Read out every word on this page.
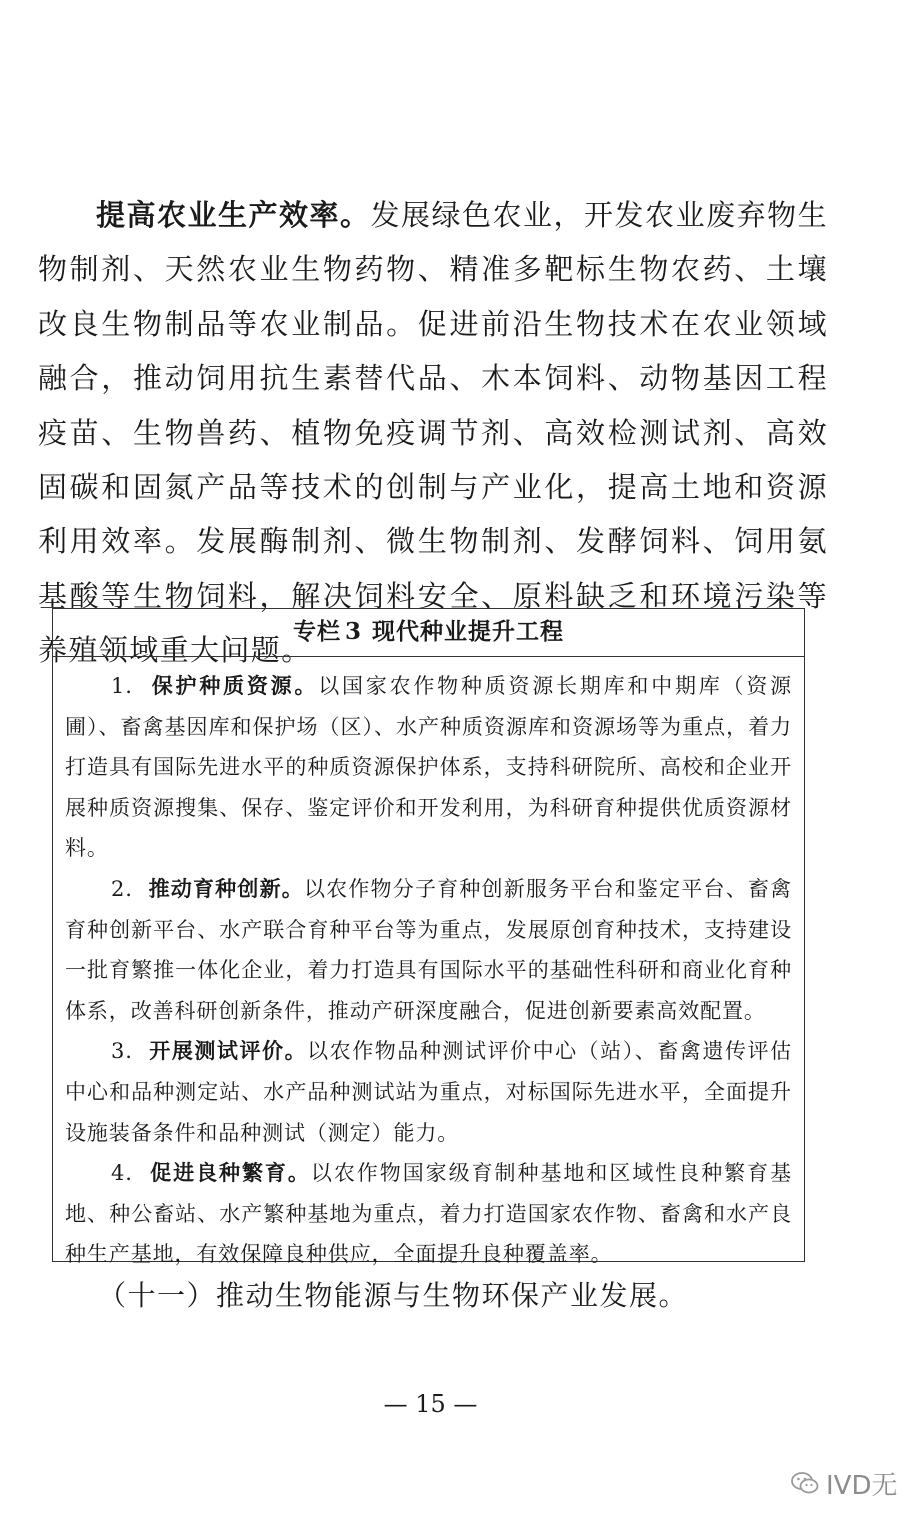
提高农业生产效率。发展绿色农业，开发农业废弃物生物制剂、天然农业生物药物、精准多靶标生物农药、土壤改良生物制品等农业制品。促进前沿生物技术在农业领域融合，推动饲用抗生素替代品、木本饲料、动物基因工程疫苗、生物兽药、植物免疫调节剂、高效检测试剂、高效固碳和固氮产品等技术的创制与产业化，提高土地和资源利用效率。发展酶制剂、微生物制剂、发酵饲料、饲用氨基酸等生物饲料，解决饲料安全、原料缺乏和环境污染等养殖领域重大问题。

专栏 3 现代种业提升工程

1. 保护种质资源。以国家农作物种质资源长期库和中期库（资源圃）、畜禽基因库和保护场（区）、水产种质资源库和资源场等为重点，着力打造具有国际先进水平的种质资源保护体系，支持科研院所、高校和企业开展种质资源搜集、保存、鉴定评价和开发利用，为科研育种提供优质资源材料。

2. 推动育种创新。以农作物分子育种创新服务平台和鉴定平台、畜禽育种创新平台、水产联合育种平台等为重点，发展原创育种技术，支持建设一批育繁推一体化企业，着力打造具有国际水平的基础性科研和商业化育种体系，改善科研创新条件，推动产研深度融合，促进创新要素高效配置。

3. 开展测试评价。以农作物品种测试评价中心（站）、畜禽遗传评估中心和品种测定站、水产品种测试站为重点，对标国际先进水平，全面提升设施装备条件和品种测试（测定）能力。

4. 促进良种繁育。以农作物国家级育制种基地和区域性良种繁育基地、种公畜站、水产繁种基地为重点，着力打造国家农作物、畜禽和水产良种生产基地，有效保障良种供应，全面提升良种覆盖率。

（十一）推动生物能源与生物环保产业发展。
— 15 —
IVD无
